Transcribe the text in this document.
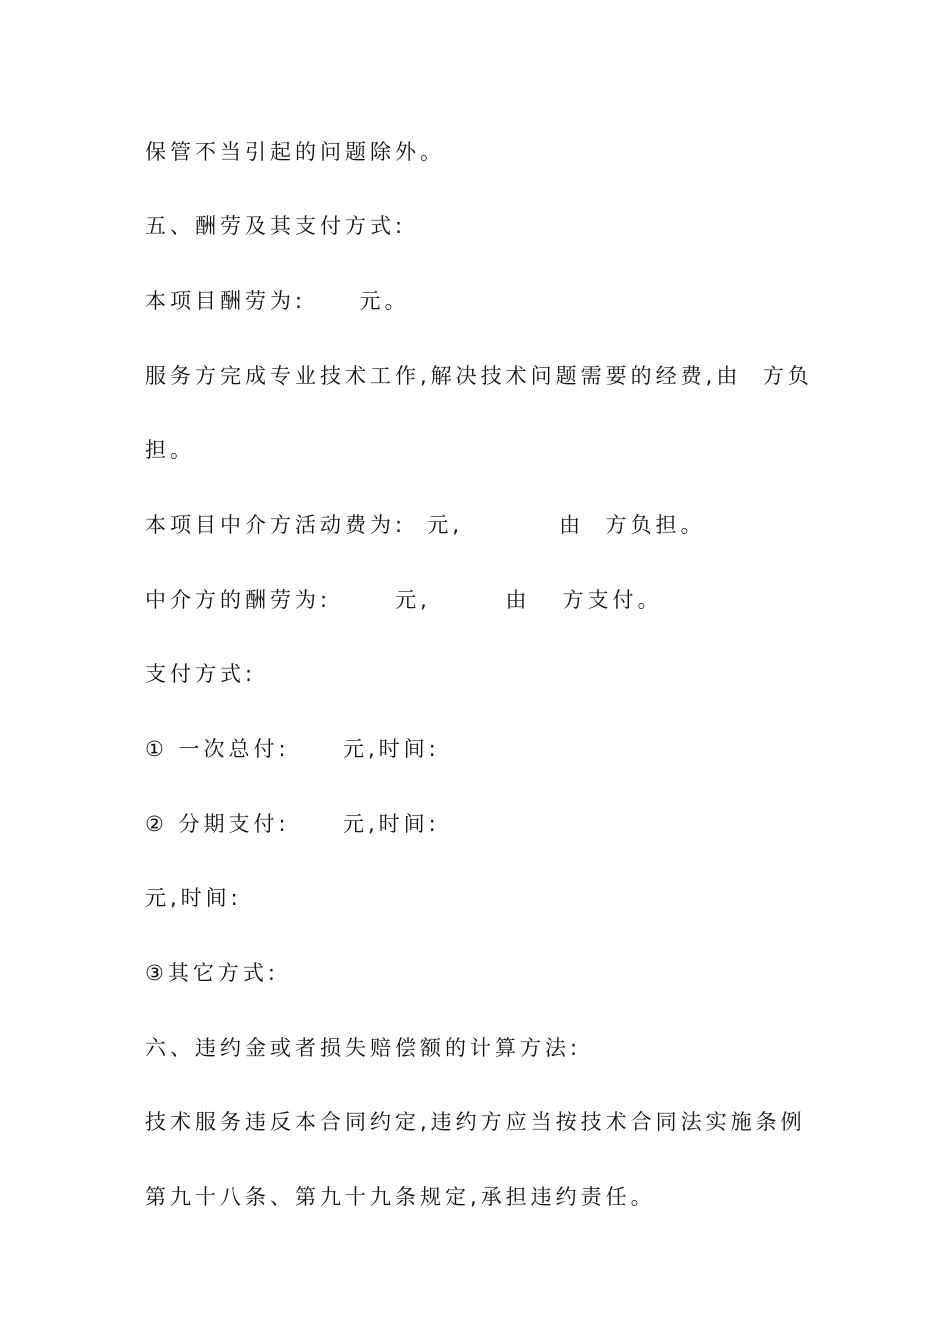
保管不当引起的问题除外。
五、酬劳及其支付方式:
本项目酬劳为:     元。
服务方完成专业技术工作,解决技术问题需要的经费,由  方负
担。
本项目中介方活动费为:  元,         由  方负担。
中介方的酬劳为:      元,       由   方支付。
支付方式:
① 一次总付:     元,时间:
② 分期支付:     元,时间:
元,时间:
③其它方式:
六、违约金或者损失赔偿额的计算方法:
技术服务违反本合同约定,违约方应当按技术合同法实施条例
第九十八条、第九十九条规定,承担违约责任。
